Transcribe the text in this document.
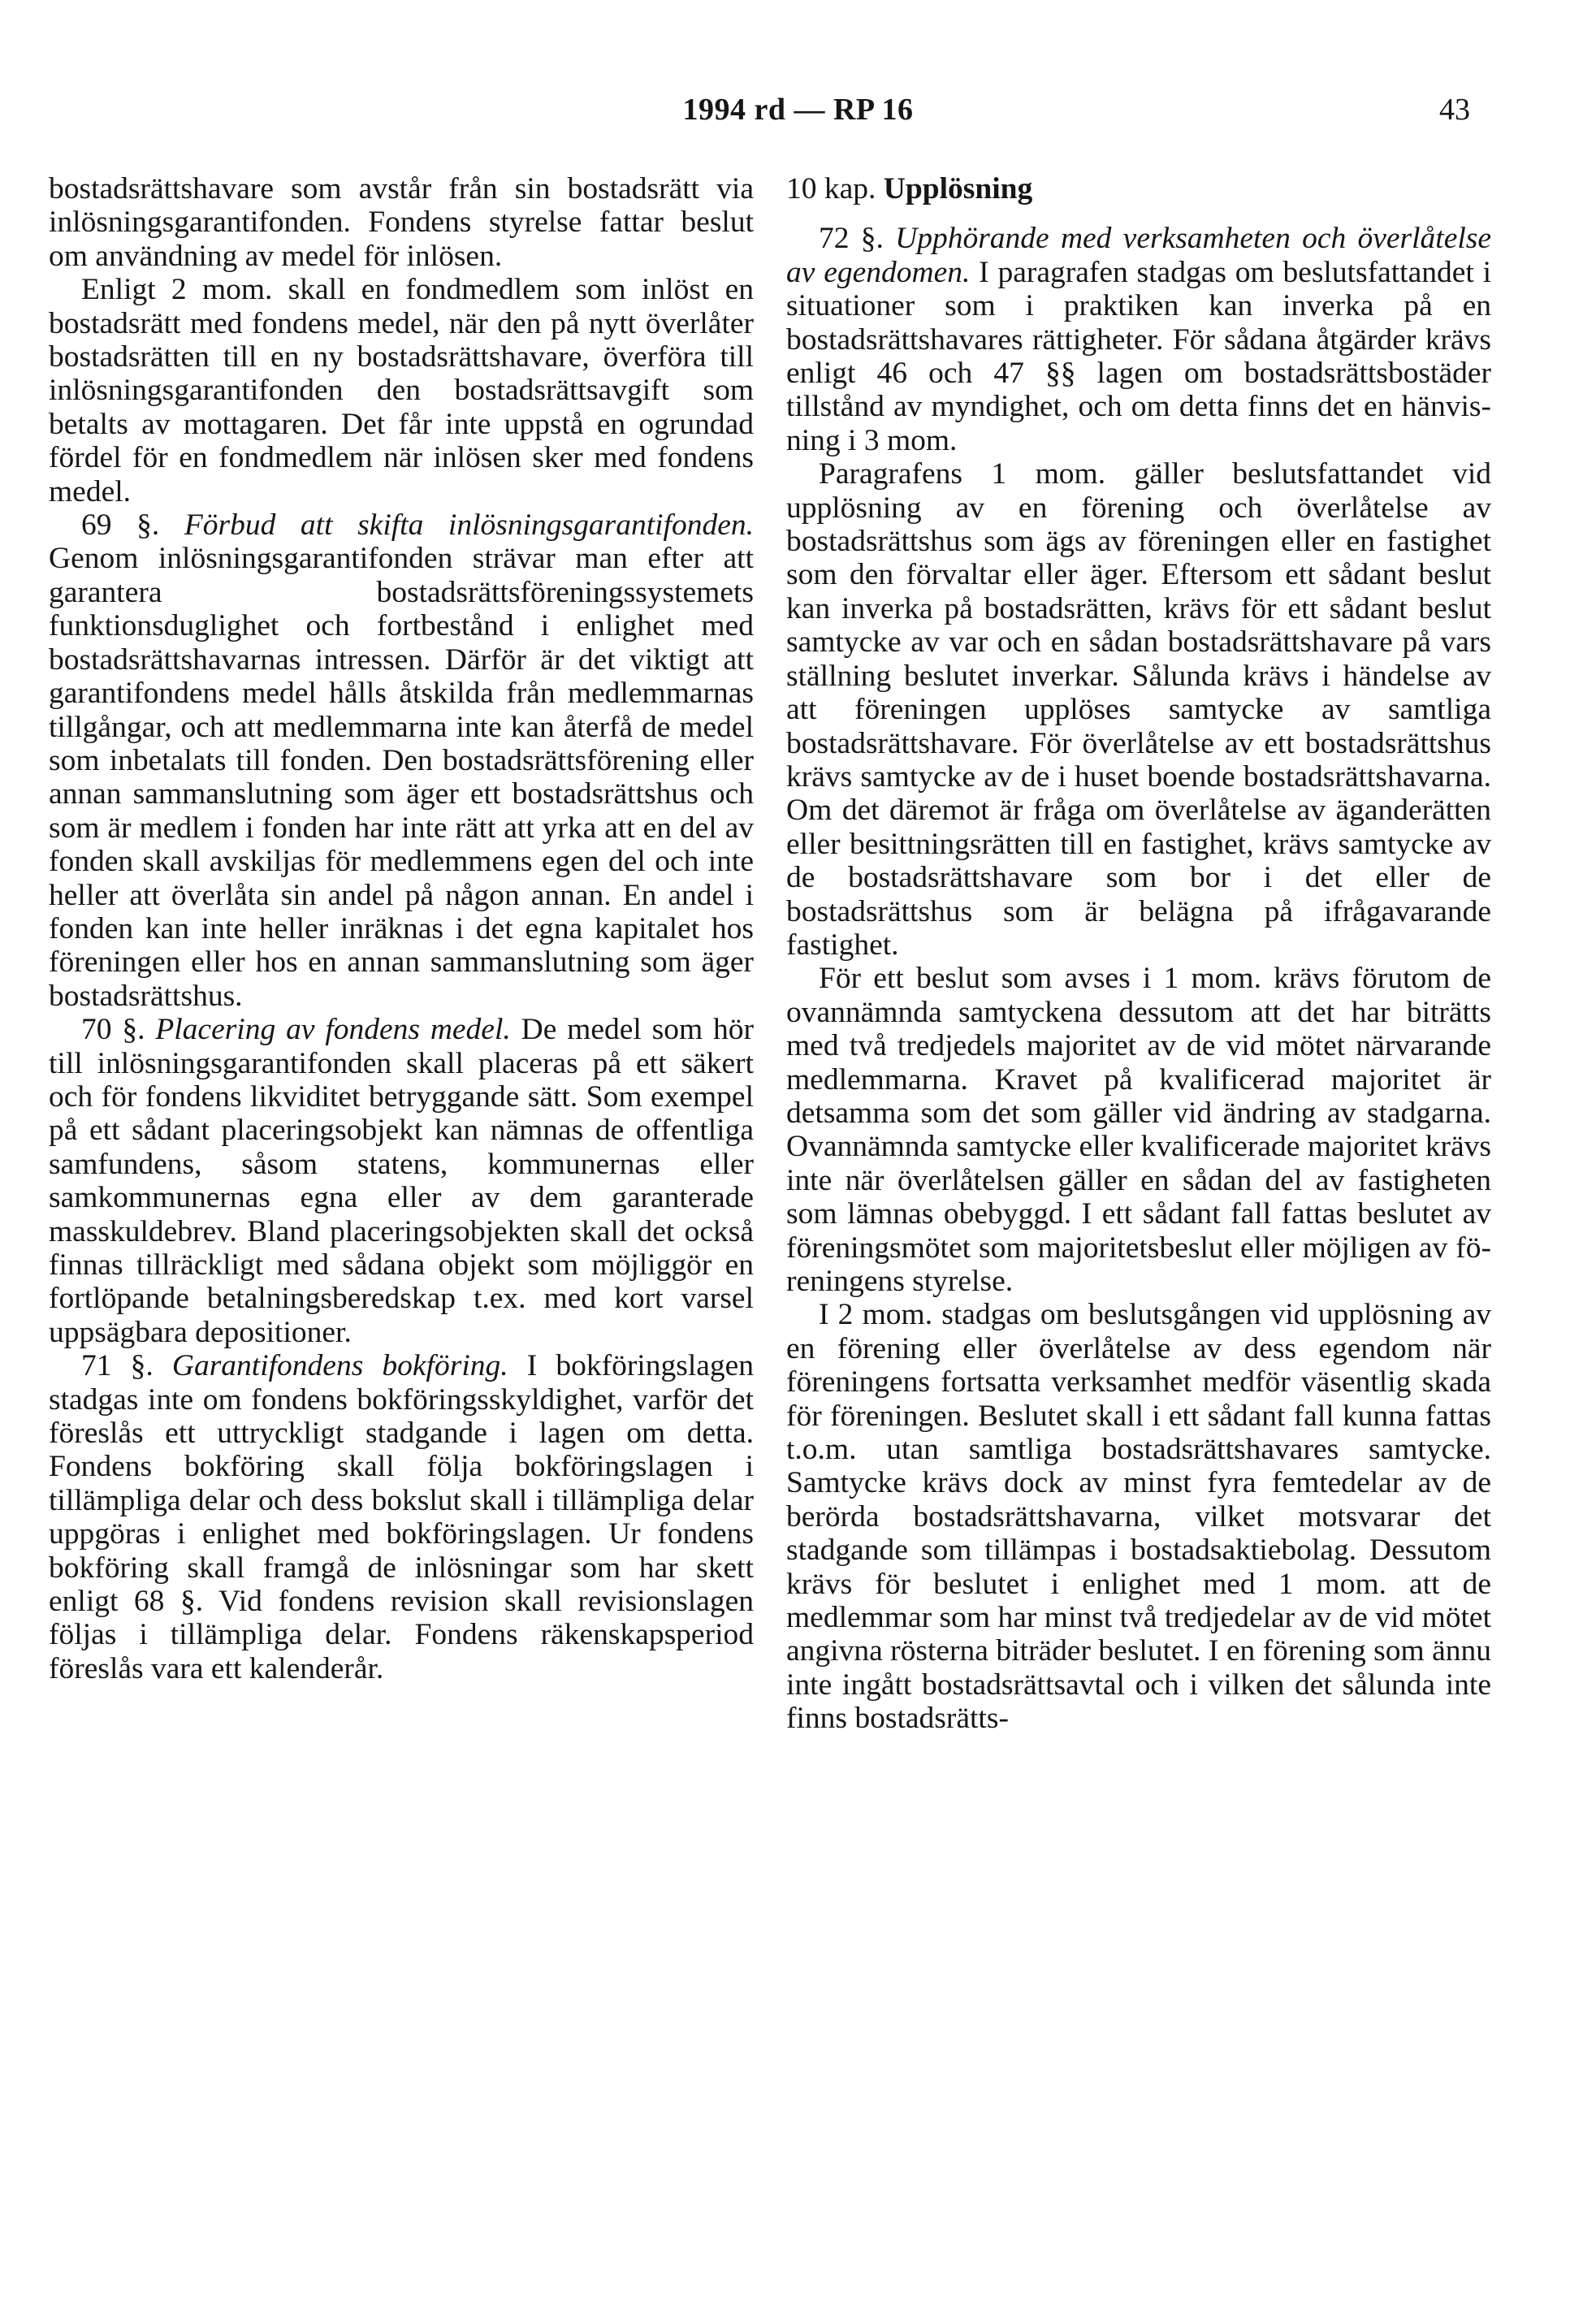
1994 rd — RP 16	43

bostadsrättshavare som avstår från sin bostadsrätt via inlösningsgarantifonden. Fondens styrelse fattar beslut om användning av medel för inlösen.

Enligt 2 mom. skall en fondmedlem som inlöst en bostadsrätt med fondens medel, när den på nytt överlåter bostadsrätten till en ny bostadsrättshavare, överföra till inlösningsgarantifonden den bostadsrättsavgift som betalts av mottagaren. Det får inte uppstå en ogrundad fördel för en fondmedlem när inlösen sker med fondens medel.

69 §. Förbud att skifta inlösningsgarantifonden. Genom inlösningsgarantifonden strävar man efter att garantera bostadsrättsföreningssystemets funktionsduglighet och fortbestånd i enlighet med bostadsrättshavarnas intressen. Därför är det viktigt att garantifondens medel hålls åtskilda från medlemmarnas tillgångar, och att medlemmarna inte kan återfå de medel som inbetalats till fonden. Den bostadsrättsförening eller annan sammanslutning som äger ett bostadsrättshus och som är medlem i fonden har inte rätt att yrka att en del av fonden skall avskiljas för medlemmens egen del och inte heller att överlåta sin andel på någon annan. En andel i fonden kan inte heller inräknas i det egna kapitalet hos föreningen eller hos en annan sammanslutning som äger bostadsrättshus.

70 §. Placering av fondens medel. De medel som hör till inlösningsgarantifonden skall placeras på ett säkert och för fondens likviditet betryggande sätt. Som exempel på ett sådant placeringsobjekt kan nämnas de offentliga samfundens, såsom statens, kommunernas eller samkommunernas egna eller av dem garanterade masskuldebrev. Bland placeringsobjekten skall det också finnas tillräckligt med sådana objekt som möjliggör en fortlöpande betalningsberedskap t.ex. med kort varsel uppsägbara depositioner.

71 §. Garantifondens bokföring. I bokföringslagen stadgas inte om fondens bokföringsskyldighet, varför det föreslås ett uttryckligt stadgande i lagen om detta. Fondens bokföring skall följa bokföringslagen i tillämpliga delar och dess bokslut skall i tillämpliga delar uppgöras i enlighet med bokföringslagen. Ur fondens bokföring skall framgå de inlösningar som har skett enligt 68 §. Vid fondens revision skall revisionslagen följas i tillämpliga delar. Fondens räkenskapsperiod föreslås vara ett kalenderår.

10 kap. Upplösning

72 §. Upphörande med verksamheten och överlåtelse av egendomen. I paragrafen stadgas om beslutsfattandet i situationer som i praktiken kan inverka på en bostadsrättshavares rättigheter. För sådana åtgärder krävs enligt 46 och 47 §§ lagen om bostadsrättsbostäder tillstånd av myndighet, och om detta finns det en hänvisning i 3 mom.

Paragrafens 1 mom. gäller beslutsfattandet vid upplösning av en förening och överlåtelse av bostadsrättshus som ägs av föreningen eller en fastighet som den förvaltar eller äger. Eftersom ett sådant beslut kan inverka på bostadsrätten, krävs för ett sådant beslut samtycke av var och en sådan bostadsrättshavare på vars ställning beslutet inverkar. Sålunda krävs i händelse av att föreningen upplöses samtycke av samtliga bostadsrättshavare. För överlåtelse av ett bostadsrättshus krävs samtycke av de i huset boende bostadsrättshavarna. Om det däremot är fråga om överlåtelse av äganderätten eller besittningsrätten till en fastighet, krävs samtycke av de bostadsrättshavare som bor i det eller de bostadsrättshus som är belägna på ifrågavarande fastighet.

För ett beslut som avses i 1 mom. krävs förutom de ovannämnda samtyckena dessutom att det har biträtts med två tredjedels majoritet av de vid mötet närvarande medlemmarna. Kravet på kvalificerad majoritet är detsamma som det som gäller vid ändring av stadgarna. Ovannämnda samtycke eller kvalificerade majoritet krävs inte när överlåtelsen gäller en sådan del av fastigheten som lämnas obebyggd. I ett sådant fall fattas beslutet av föreningsmötet som majoritetsbeslut eller möjligen av föreningens styrelse.

I 2 mom. stadgas om beslutsgången vid upplösning av en förening eller överlåtelse av dess egendom när föreningens fortsatta verksamhet medför väsentlig skada för föreningen. Beslutet skall i ett sådant fall kunna fattas t.o.m. utan samtliga bostadsrättshavares samtycke. Samtycke krävs dock av minst fyra femtedelar av de berörda bostadsrättshavarna, vilket motsvarar det stadgande som tillämpas i bostadsaktiebolag. Dessutom krävs för beslutet i enlighet med 1 mom. att de medlemmar som har minst två tredjedelar av de vid mötet angivna rösterna biträder beslutet. I en förening som ännu inte ingått bostadsrättsavtal och i vilken det sålunda inte finns bostadsrätts-
